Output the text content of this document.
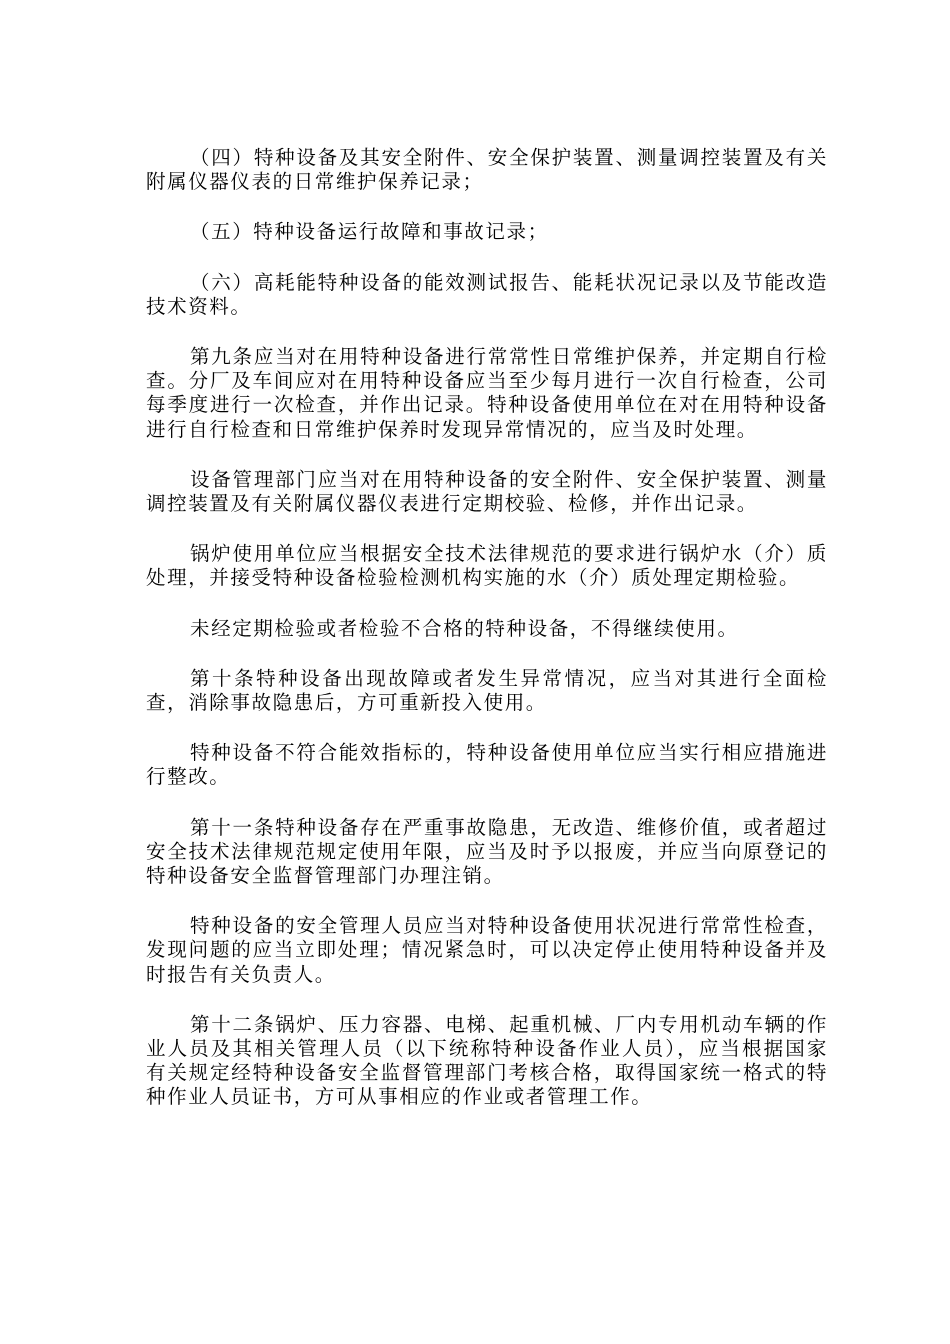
（四）特种设备及其安全附件、安全保护装置、测量调控装置及有关附属仪器仪表的日常维护保养记录；

（五）特种设备运行故障和事故记录；

（六）高耗能特种设备的能效测试报告、能耗状况记录以及节能改造技术资料。

第九条应当对在用特种设备进行常常性日常维护保养，并定期自行检查。分厂及车间应对在用特种设备应当至少每月进行一次自行检查，公司每季度进行一次检查，并作出记录。特种设备使用单位在对在用特种设备进行自行检查和日常维护保养时发现异常情况的，应当及时处理。

设备管理部门应当对在用特种设备的安全附件、安全保护装置、测量调控装置及有关附属仪器仪表进行定期校验、检修，并作出记录。

锅炉使用单位应当根据安全技术法律规范的要求进行锅炉水（介）质处理，并接受特种设备检验检测机构实施的水（介）质处理定期检验。

未经定期检验或者检验不合格的特种设备，不得继续使用。

第十条特种设备出现故障或者发生异常情况，应当对其进行全面检查，消除事故隐患后，方可重新投入使用。

特种设备不符合能效指标的，特种设备使用单位应当实行相应措施进行整改。

第十一条特种设备存在严重事故隐患，无改造、维修价值，或者超过安全技术法律规范规定使用年限，应当及时予以报废，并应当向原登记的特种设备安全监督管理部门办理注销。

特种设备的安全管理人员应当对特种设备使用状况进行常常性检查，发现问题的应当立即处理；情况紧急时，可以决定停止使用特种设备并及时报告有关负责人。

第十二条锅炉、压力容器、电梯、起重机械、厂内专用机动车辆的作业人员及其相关管理人员（以下统称特种设备作业人员），应当根据国家有关规定经特种设备安全监督管理部门考核合格，取得国家统一格式的特种作业人员证书，方可从事相应的作业或者管理工作。
